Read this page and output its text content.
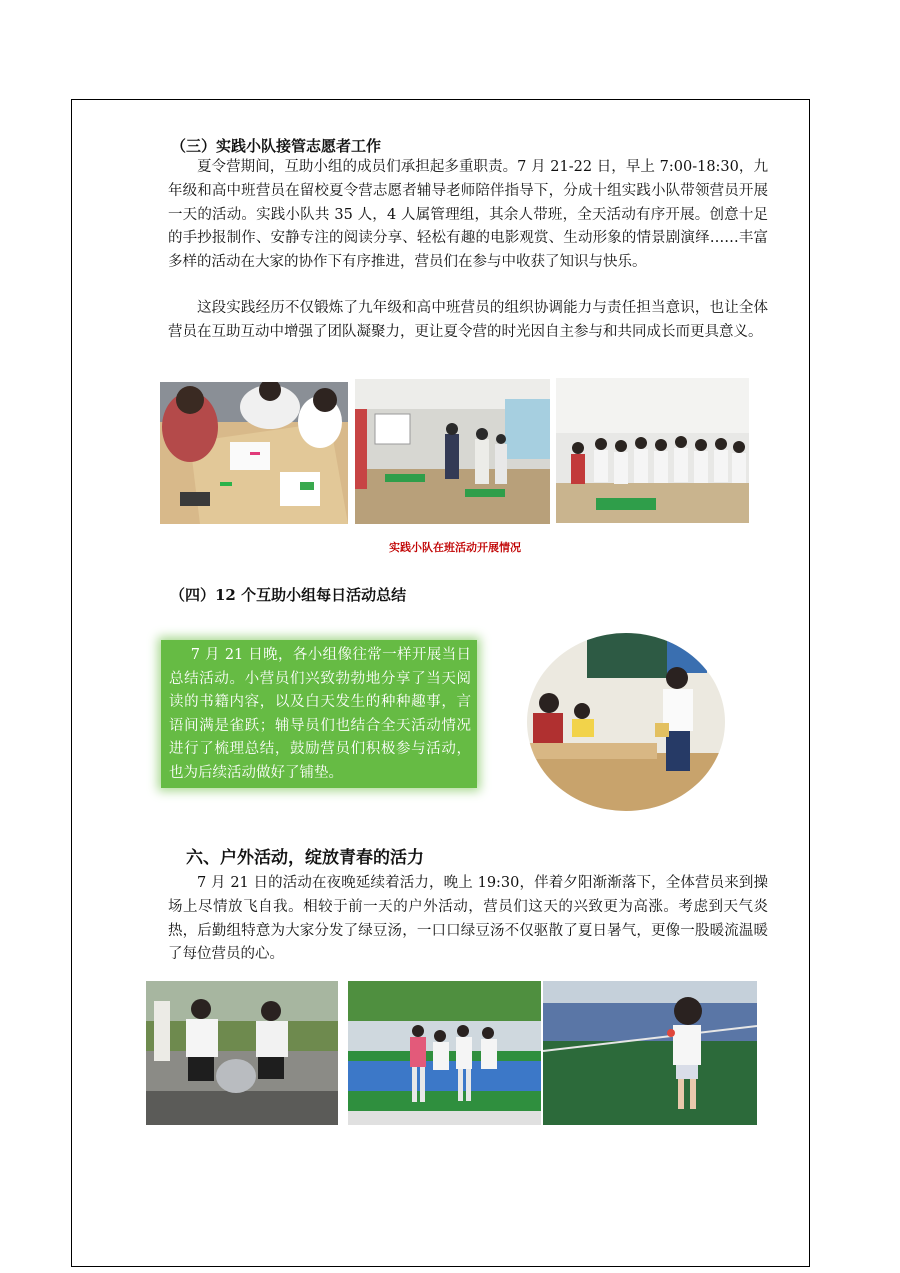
（三）实践小队接管志愿者工作

夏令营期间，互助小组的成员们承担起多重职责。7 月 21-22 日，早上 7:00-18:30，九年级和高中班营员在留校夏令营志愿者辅导老师陪伴指导下，分成十组实践小队带领营员开展一天的活动。实践小队共 35 人，4 人属管理组，其余人带班，全天活动有序开展。创意十足的手抄报制作、安静专注的阅读分享、轻松有趣的电影观赏、生动形象的情景剧演绎……丰富多样的活动在大家的协作下有序推进，营员们在参与中收获了知识与快乐。

这段实践经历不仅锻炼了九年级和高中班营员的组织协调能力与责任担当意识，也让全体营员在互助互动中增强了团队凝聚力，更让夏令营的时光因自主参与和共同成长而更具意义。

实践小队在班活动开展情况

（四）12 个互助小组每日活动总结

7 月 21 日晚，各小组像往常一样开展当日总结活动。小营员们兴致勃勃地分享了当天阅读的书籍内容，以及白天发生的种种趣事，言语间满是雀跃；辅导员们也结合全天活动情况进行了梳理总结，鼓励营员们积极参与活动，也为后续活动做好了铺垫。

六、户外活动，绽放青春的活力

7 月 21 日的活动在夜晚延续着活力，晚上 19:30，伴着夕阳渐渐落下，全体营员来到操场上尽情放飞自我。相较于前一天的户外活动，营员们这天的兴致更为高涨。考虑到天气炎热，后勤组特意为大家分发了绿豆汤，一口口绿豆汤不仅驱散了夏日暑气，更像一股暖流温暖了每位营员的心。
